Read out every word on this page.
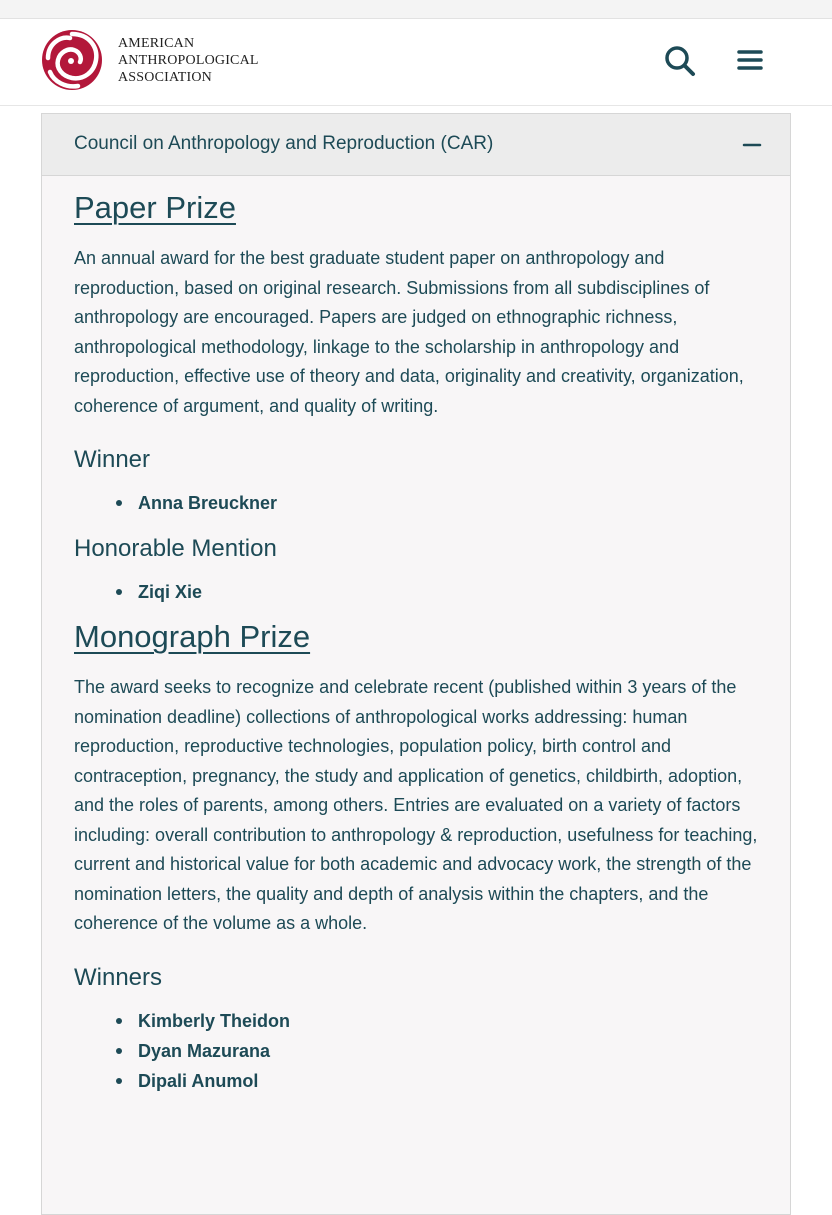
AMERICAN
ANTHROPOLOGICAL
ASSOCIATION
Council on Anthropology and Reproduction (CAR)
Paper Prize

An annual award for the best graduate student paper on anthropology and reproduction, based on original research. Submissions from all subdisciplines of anthropology are encouraged. Papers are judged on ethnographic richness, anthropological methodology, linkage to the scholarship in anthropology and reproduction, effective use of theory and data, originality and creativity, organization, coherence of argument, and quality of writing.

Winner
Anna Breuckner
Honorable Mention
Ziqi Xie
Monograph Prize

The award seeks to recognize and celebrate recent (published within 3 years of the nomination deadline) collections of anthropological works addressing: human reproduction, reproductive technologies, population policy, birth control and contraception, pregnancy, the study and application of genetics, childbirth, adoption, and the roles of parents, among others. Entries are evaluated on a variety of factors including: overall contribution to anthropology & reproduction, usefulness for teaching, current and historical value for both academic and advocacy work, the strength of the nomination letters, the quality and depth of analysis within the chapters, and the coherence of the volume as a whole.

Winners
Kimberly Theidon
Dyan Mazurana
Dipali Anumol
